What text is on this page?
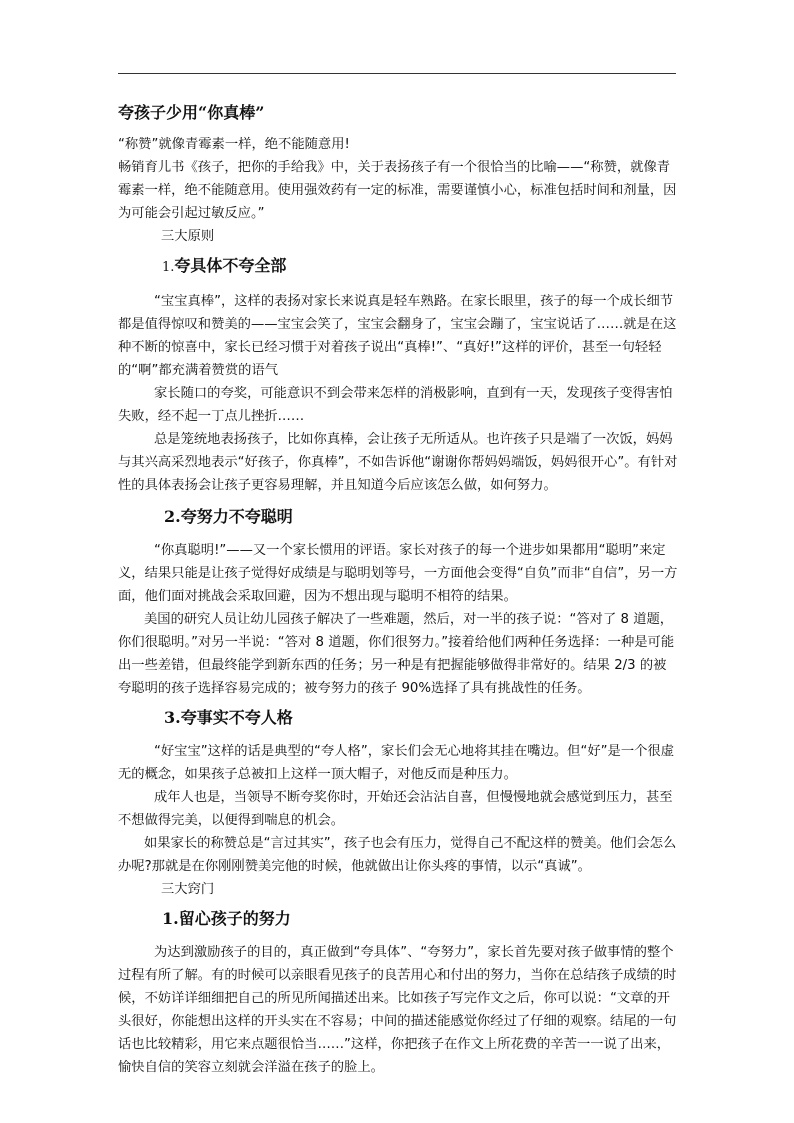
夸孩子少用“你真棒”

“称赞”就像青霉素一样，绝不能随意用!

畅销育儿书《孩子，把你的手给我》中，关于表扬孩子有一个很恰当的比喻——“称赞，就像青霉素一样，绝不能随意用。使用强效药有一定的标准，需要谨慎小心，标准包括时间和剂量，因为可能会引起过敏反应。”

三大原则

1.夸具体不夸全部

“宝宝真棒”，这样的表扬对家长来说真是轻车熟路。在家长眼里，孩子的每一个成长细节都是值得惊叹和赞美的——宝宝会笑了，宝宝会翻身了，宝宝会蹦了，宝宝说话了……就是在这种不断的惊喜中，家长已经习惯于对着孩子说出“真棒!”、“真好!”这样的评价，甚至一句轻轻的“啊”都充满着赞赏的语气

家长随口的夸奖，可能意识不到会带来怎样的消极影响，直到有一天，发现孩子变得害怕失败，经不起一丁点儿挫折……

总是笼统地表扬孩子，比如你真棒，会让孩子无所适从。也许孩子只是端了一次饭，妈妈与其兴高采烈地表示“好孩子，你真棒”，不如告诉他“谢谢你帮妈妈端饭，妈妈很开心”。有针对性的具体表扬会让孩子更容易理解，并且知道今后应该怎么做，如何努力。

2.夸努力不夸聪明

“你真聪明!”——又一个家长惯用的评语。家长对孩子的每一个进步如果都用“聪明”来定义，结果只能是让孩子觉得好成绩是与聪明划等号，一方面他会变得“自负”而非“自信”，另一方面，他们面对挑战会采取回避，因为不想出现与聪明不相符的结果。

美国的研究人员让幼儿园孩子解决了一些难题，然后，对一半的孩子说：“答对了 8 道题，你们很聪明。”对另一半说：“答对 8 道题，你们很努力。”接着给他们两种任务选择：一种是可能出一些差错，但最终能学到新东西的任务；另一种是有把握能够做得非常好的。结果 2/3 的被夸聪明的孩子选择容易完成的；被夸努力的孩子 90%选择了具有挑战性的任务。

3.夸事实不夸人格

“好宝宝”这样的话是典型的“夸人格”，家长们会无心地将其挂在嘴边。但“好”是一个很虚无的概念，如果孩子总被扣上这样一顶大帽子，对他反而是种压力。

成年人也是，当领导不断夸奖你时，开始还会沾沾自喜，但慢慢地就会感觉到压力，甚至不想做得完美，以便得到喘息的机会。

如果家长的称赞总是“言过其实”，孩子也会有压力，觉得自己不配这样的赞美。他们会怎么办呢?那就是在你刚刚赞美完他的时候，他就做出让你头疼的事情，以示“真诚”。

三大窍门

1.留心孩子的努力

为达到激励孩子的目的，真正做到“夸具体”、“夸努力”，家长首先要对孩子做事情的整个过程有所了解。有的时候可以亲眼看见孩子的良苦用心和付出的努力，当你在总结孩子成绩的时候，不妨详详细细把自己的所见所闻描述出来。比如孩子写完作文之后，你可以说：“文章的开头很好，你能想出这样的开头实在不容易；中间的描述能感觉你经过了仔细的观察。结尾的一句话也比较精彩，用它来点题很恰当……”这样，你把孩子在作文上所花费的辛苦一一说了出来，愉快自信的笑容立刻就会洋溢在孩子的脸上。
